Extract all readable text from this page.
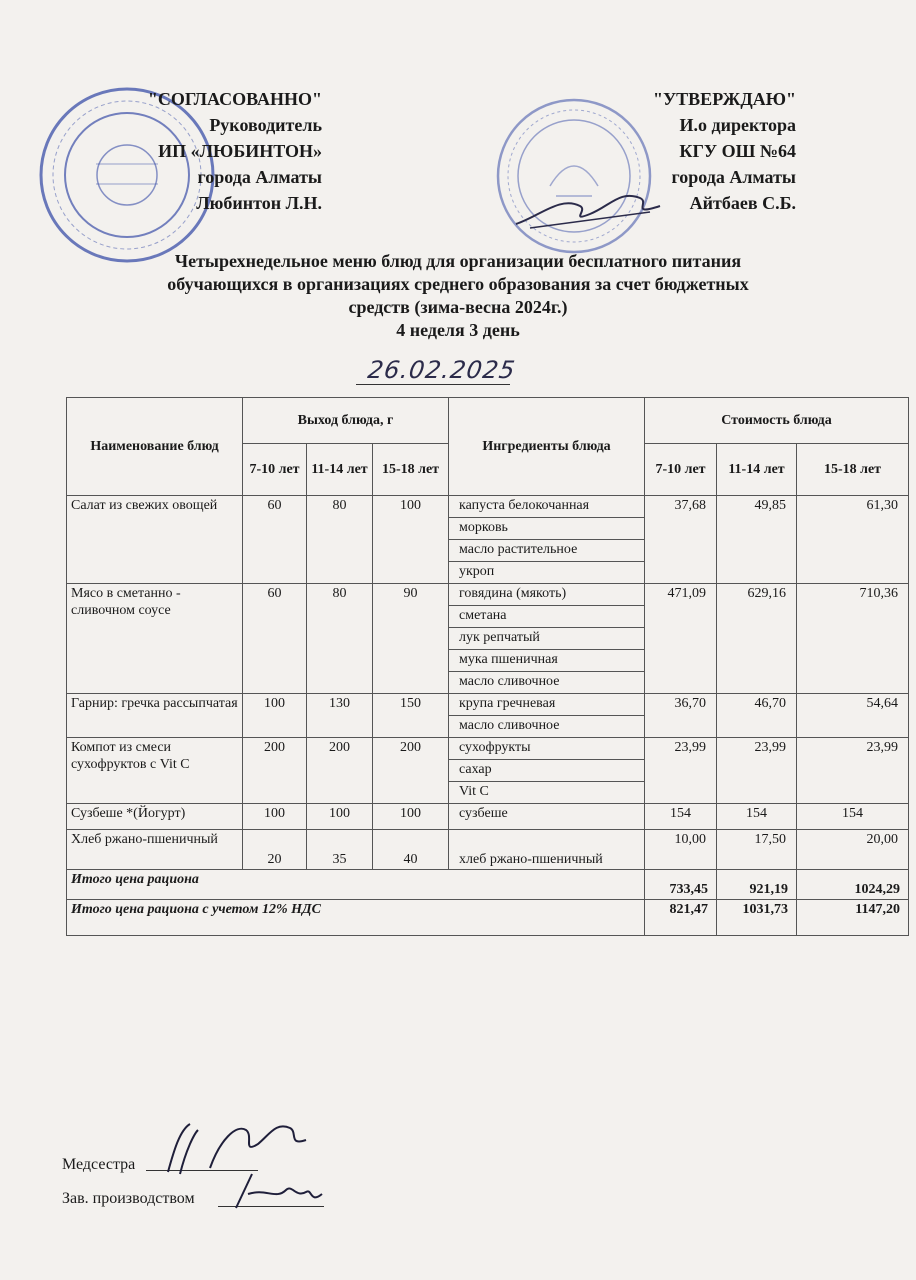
"СОГЛАСОВАННО"
Руководитель
ИП «ЛЮБИНТОН»
города Алматы
Любинтон Л.Н.
"УТВЕРЖДАЮ"
И.о директора
КГУ ОШ №64
города Алматы
Айтбаев С.Б.
Четырехнедельное меню блюд для организации бесплатного питания
обучающихся в организациях среднего образования за счет бюджетных
средств (зима-весна 2024г.)
4 неделя 3 день
26.02.2025
Наименование блюд	Выход блюда, г			Ингредиенты блюда	Стоимость блюда		
	7-10 лет	11-14 лет	15-18 лет		7-10 лет	11-14 лет	15-18 лет
Салат из свежих овощей	60	80	100	капуста белокочанная	37,68	49,85	61,30
				морковь			
				масло растительное			
				укроп			
Мясо в сметанно - сливочном соусе	60	80	90	говядина (мякоть)	471,09	629,16	710,36
				сметана			
				лук репчатый			
				мука пшеничная			
				масло сливочное			
Гарнир: гречка рассыпчатая	100	130	150	крупа гречневая	36,70	46,70	54,64
				масло сливочное			
Компот из смеси сухофруктов с Vit C	200	200	200	сухофрукты	23,99	23,99	23,99
				сахар			
				Vit C			
Сузбеше *(Йогурт)	100	100	100	сузбеше	154	154	154
Хлеб ржано-пшеничный	20	35	40	хлеб ржано-пшеничный	10,00	17,50	20,00
Итого цена рациона					733,45	921,19	1024,29
Итого цена рациона с учетом 12% НДС					821,47	1031,73	1147,20
Медсестра
Зав. производством
